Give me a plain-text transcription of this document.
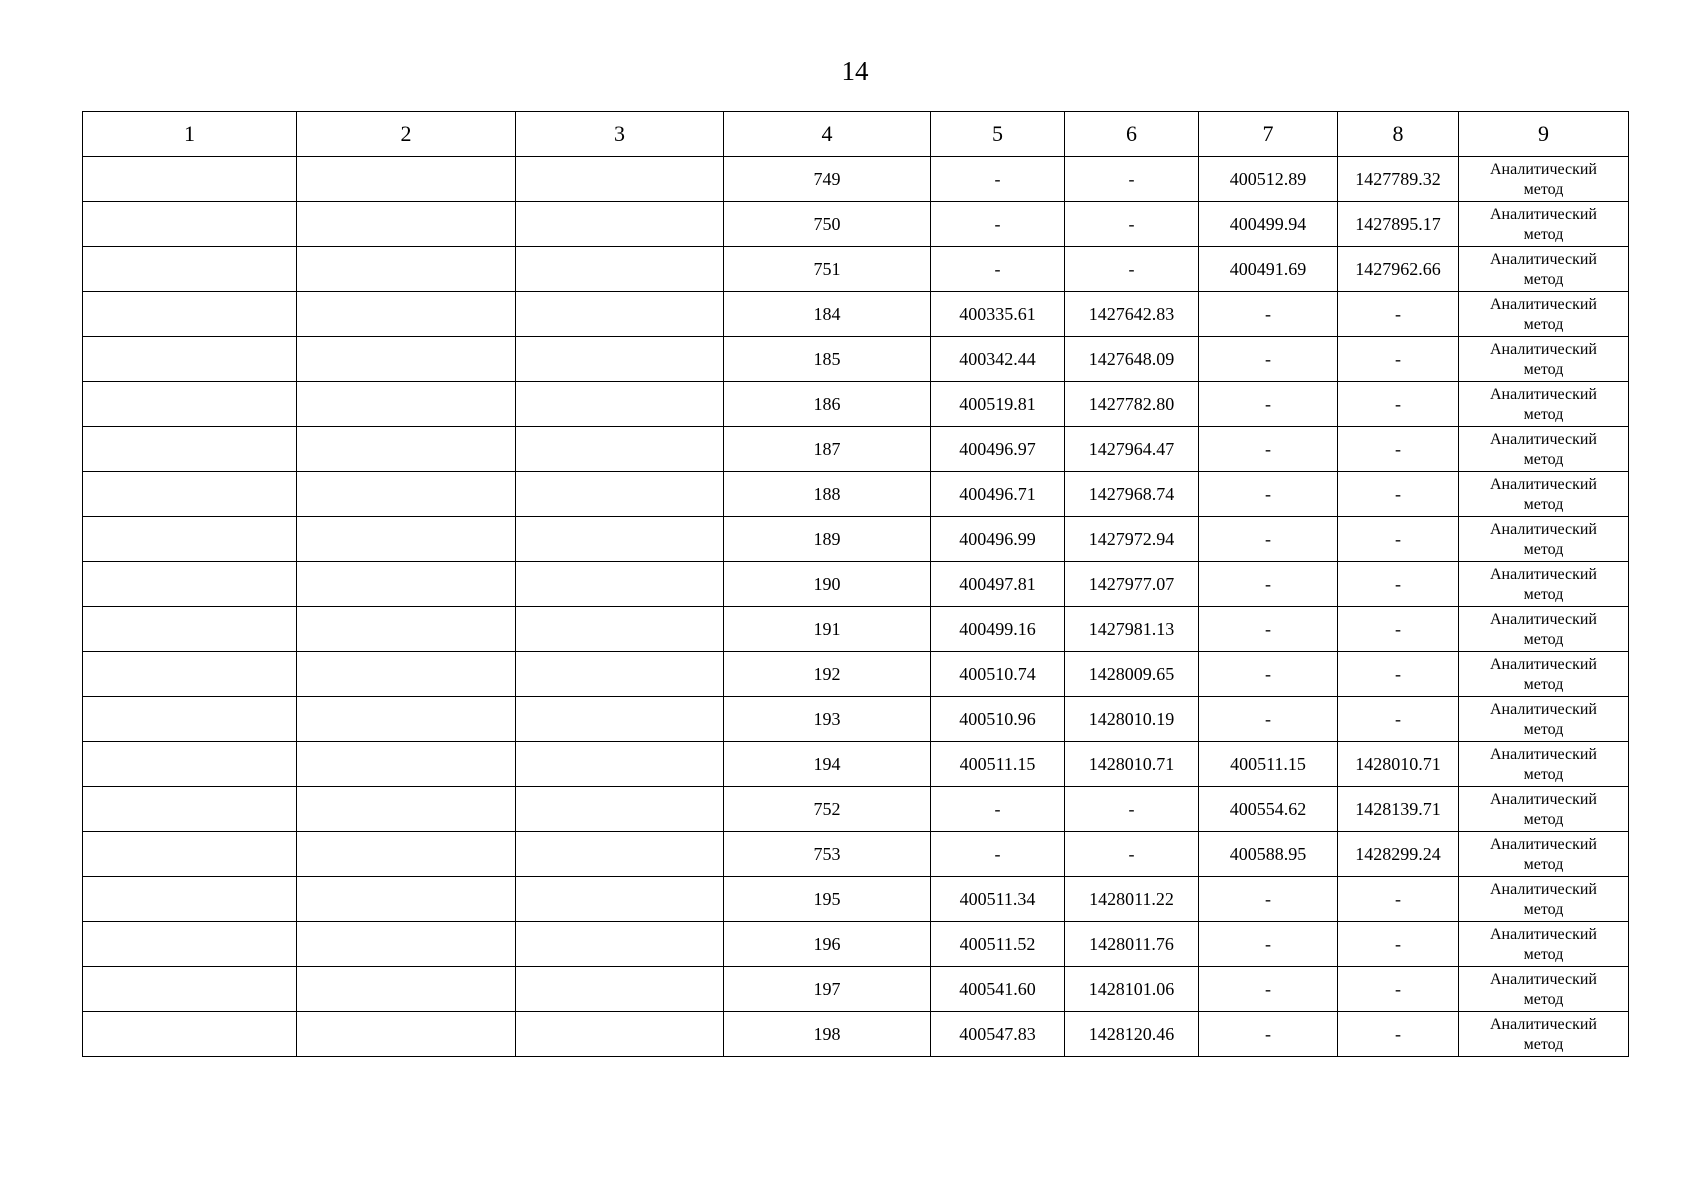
14
1	2	3	4	5	6	7	8	9
			749	-	-	400512.89	1427789.32	Аналитический
метод

			750	-	-	400499.94	1427895.17	Аналитический
метод

			751	-	-	400491.69	1427962.66	Аналитический
метод

			184	400335.61	1427642.83	-	-	Аналитический
метод

			185	400342.44	1427648.09	-	-	Аналитический
метод

			186	400519.81	1427782.80	-	-	Аналитический
метод

			187	400496.97	1427964.47	-	-	Аналитический
метод

			188	400496.71	1427968.74	-	-	Аналитический
метод

			189	400496.99	1427972.94	-	-	Аналитический
метод

			190	400497.81	1427977.07	-	-	Аналитический
метод

			191	400499.16	1427981.13	-	-	Аналитический
метод

			192	400510.74	1428009.65	-	-	Аналитический
метод

			193	400510.96	1428010.19	-	-	Аналитический
метод

			194	400511.15	1428010.71	400511.15	1428010.71	Аналитический
метод

			752	-	-	400554.62	1428139.71	Аналитический
метод

			753	-	-	400588.95	1428299.24	Аналитический
метод

			195	400511.34	1428011.22	-	-	Аналитический
метод

			196	400511.52	1428011.76	-	-	Аналитический
метод

			197	400541.60	1428101.06	-	-	Аналитический
метод

			198	400547.83	1428120.46	-	-	Аналитический
метод
